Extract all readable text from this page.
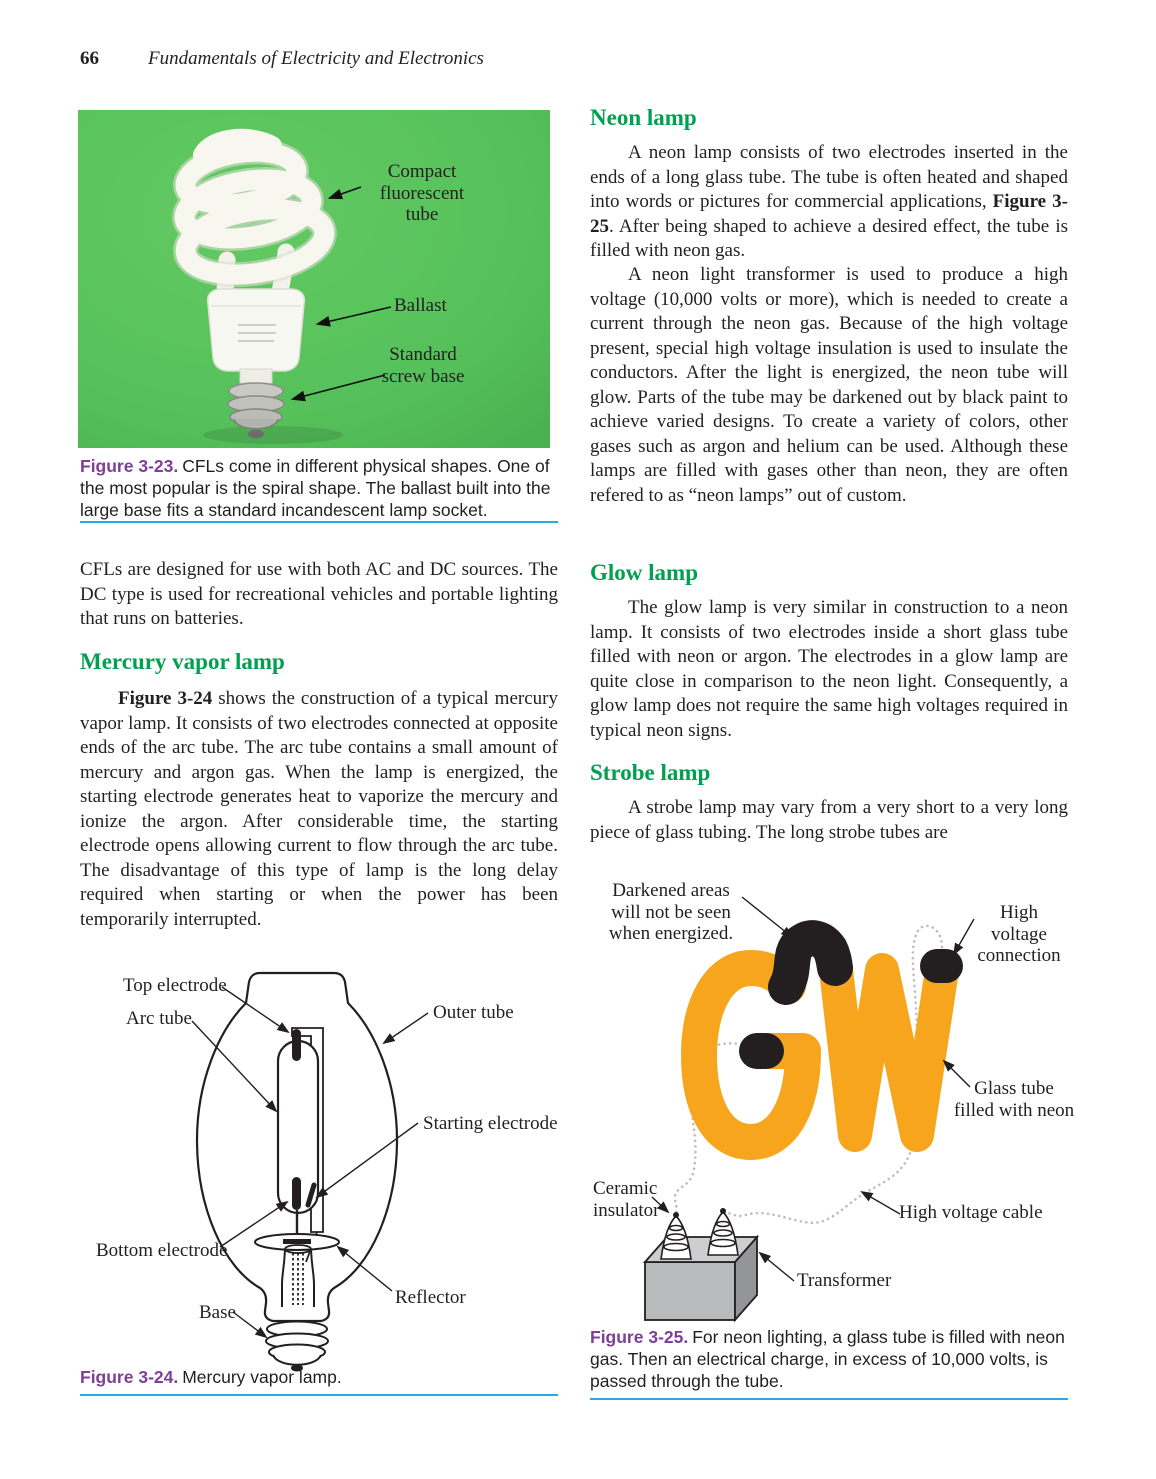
66	Fundamentals of Electricity and Electronics
Compact fluorescent tube
Ballast
Standard screw base
Figure 3-23. CFLs come in different physical shapes. One of the most popular is the spiral shape. The ballast built into the large base fits a standard incandescent lamp socket.

CFLs are designed for use with both AC and DC sources. The DC type is used for recreational vehicles and portable lighting that runs on batteries.

Mercury vapor lamp

Figure 3-24 shows the construction of a typical mercury vapor lamp. It consists of two electrodes connected at opposite ends of the arc tube. The arc tube contains a small amount of mercury and argon gas. When the lamp is energized, the starting electrode generates heat to vaporize the mercury and ionize the argon. After considerable time, the starting electrode opens allowing current to flow through the arc tube. The disadvantage of this type of lamp is the long delay required when starting or when the power has been temporarily interrupted.

Top electrode
Arc tube	Outer tube
Starting electrode
Bottom electrode
Reflector
Base
Figure 3-24. Mercury vapor lamp.
Neon lamp

A neon lamp consists of two electrodes inserted in the ends of a long glass tube. The tube is often heated and shaped into words or pictures for commercial applications, Figure 3-25. After being shaped to achieve a desired effect, the tube is filled with neon gas.

A neon light transformer is used to produce a high voltage (10,000 volts or more), which is needed to create a current through the neon gas. Because of the high voltage present, special high voltage insulation is used to insulate the conductors. After the light is energized, the neon tube will glow. Parts of the tube may be darkened out by black paint to achieve varied designs. To create a variety of colors, other gases such as argon and helium can be used. Although these lamps are filled with gases other than neon, they are often refered to as “neon lamps” out of custom.

Glow lamp

The glow lamp is very similar in construction to a neon lamp. It consists of two electrodes inside a short glass tube filled with neon or argon. The electrodes in a glow lamp are quite close in comparison to the neon light. Consequently, a glow lamp does not require the same high voltages required in typical neon signs.

Strobe lamp

A strobe lamp may vary from a very short to a very long piece of glass tubing. The long strobe tubes are

Darkened areas will not be seen when energized.
High voltage connection
Glass tube filled with neon
Ceramic insulator	High voltage cable
Transformer
Figure 3-25. For neon lighting, a glass tube is filled with neon gas. Then an electrical charge, in excess of 10,000 volts, is passed through the tube.
